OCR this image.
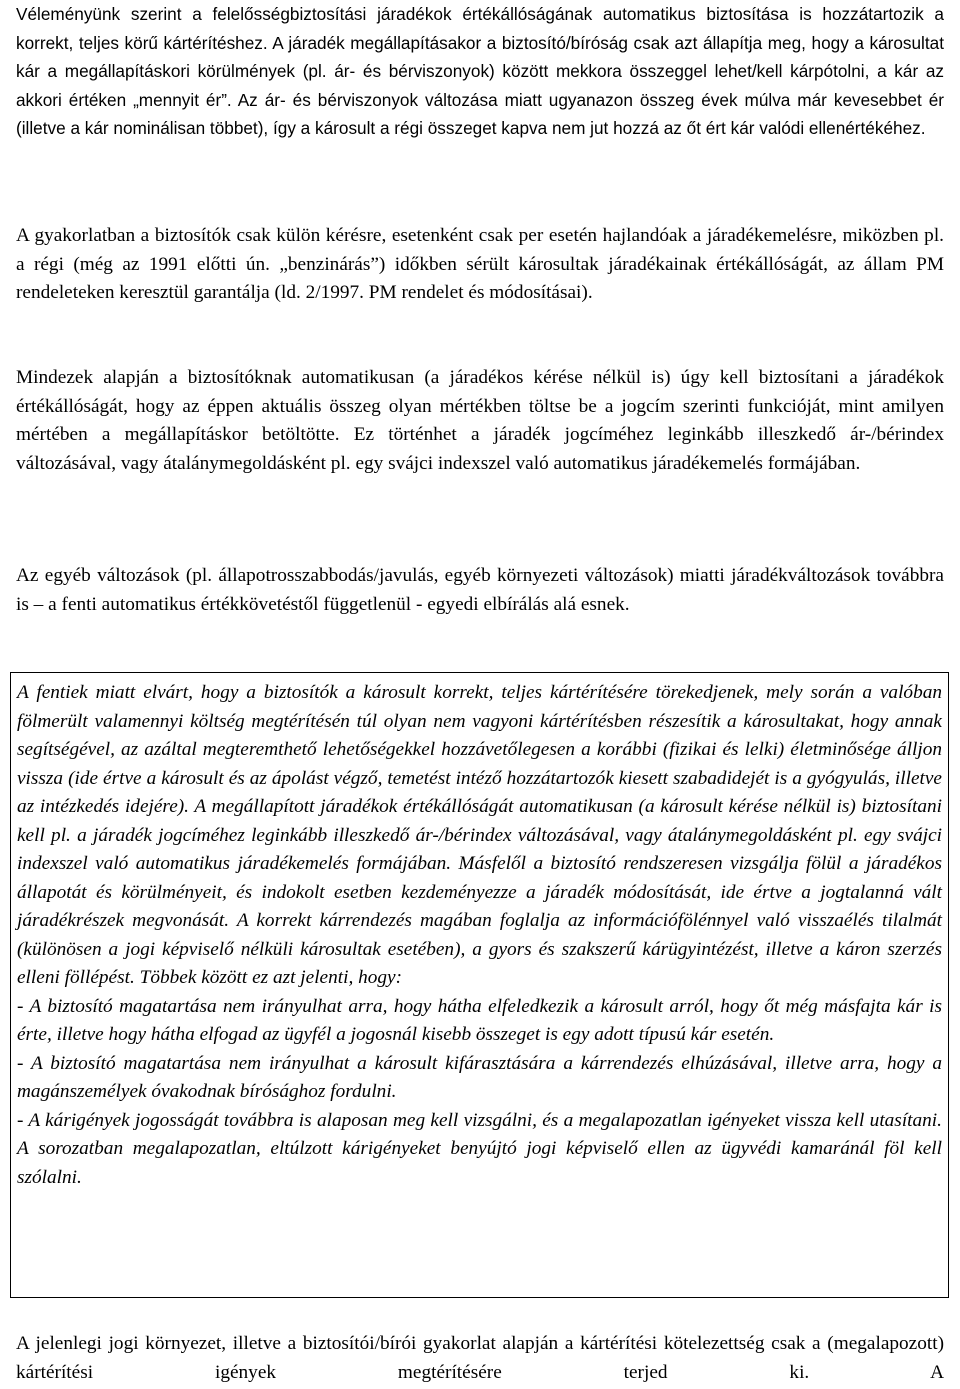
Véleményünk szerint a felelősségbiztosítási járadékok értékállóságának automatikus biztosítása is hozzátartozik a korrekt, teljes körű kártérítéshez. A járadék megállapításakor a biztosító/bíróság csak azt állapítja meg, hogy a károsultat kár a megállapításkori körülmények (pl. ár- és bérviszonyok) között mekkora összeggel lehet/kell kárpótolni, a kár az akkori értéken „mennyit ér”. Az ár- és bérviszonyok változása miatt ugyanazon összeg évek múlva már kevesebbet ér (illetve a kár nominálisan többet), így a károsult a régi összeget kapva nem jut hozzá az őt ért kár valódi ellenértékéhez.

A gyakorlatban a biztosítók csak külön kérésre, esetenként csak per esetén hajlandóak a járadékemelésre, miközben pl. a régi (még az 1991 előtti ún. „benzinárás”) időkben sérült károsultak járadékainak értékállóságát, az állam PM rendeleteken keresztül garantálja (ld. 2/1997. PM rendelet és módosításai).

Mindezek alapján a biztosítóknak automatikusan (a járadékos kérése nélkül is) úgy kell biztosítani a járadékok értékállóságát, hogy az éppen aktuális összeg olyan mértékben töltse be a jogcím szerinti funkcióját, mint amilyen mértében a megállapításkor betöltötte. Ez történhet a járadék jogcíméhez leginkább illeszkedő ár-/bérindex változásával, vagy átalánymegoldásként pl. egy svájci indexszel való automatikus járadékemelés formájában.

Az egyéb változások (pl. állapotrosszabbodás/javulás, egyéb környezeti változások) miatti járadékváltozások továbbra is – a fenti automatikus értékkövetéstől függetlenül - egyedi elbírálás alá esnek.

A fentiek miatt elvárt, hogy a biztosítók a károsult korrekt, teljes kártérítésére törekedjenek, mely során a valóban fölmerült valamennyi költség megtérítésén túl olyan nem vagyoni kártérítésben részesítik a károsultakat, hogy annak segítségével, az azáltal megteremthető lehetőségekkel hozzávetőlegesen a korábbi (fizikai és lelki) életminősége álljon vissza (ide értve a károsult és az ápolást végző, temetést intéző hozzátartozók kiesett szabadidejét is a gyógyulás, illetve az intézkedés idejére). A megállapított járadékok értékállóságát automatikusan (a károsult kérése nélkül is) biztosítani kell pl. a járadék jogcíméhez leginkább illeszkedő ár-/bérindex változásával, vagy átalánymegoldásként pl. egy svájci indexszel való automatikus járadékemelés formájában. Másfelől a biztosító rendszeresen vizsgálja fölül a járadékos állapotát és körülményeit, és indokolt esetben kezdeményezze a járadék módosítását, ide értve a jogtalanná vált járadékrészek megvonását. A korrekt kárrendezés magában foglalja az információfölénnyel való visszaélés tilalmát (különösen a jogi képviselő nélküli károsultak esetében), a gyors és szakszerű kárügyintézést, illetve a káron szerzés elleni föllépést. Többek között ez azt jelenti, hogy:

- A biztosító magatartása nem irányulhat arra, hogy hátha elfeledkezik a károsult arról, hogy őt még másfajta kár is érte, illetve hogy hátha elfogad az ügyfél a jogosnál kisebb összeget is egy adott típusú kár esetén.

- A biztosító magatartása nem irányulhat a károsult kifárasztására a kárrendezés elhúzásával, illetve arra, hogy a magánszemélyek óvakodnak bírósághoz fordulni.

- A kárigények jogosságát továbbra is alaposan meg kell vizsgálni, és a megalapozatlan igényeket vissza kell utasítani. A sorozatban megalapozatlan, eltúlzott kárigényeket benyújtó jogi képviselő ellen az ügyvédi kamaránál föl kell szólalni.

A jelenlegi jogi környezet, illetve a biztosítói/bírói gyakorlat alapján a kártérítési kötelezettség csak a (megalapozott) kártérítési igények megtérítésére terjed ki. A
